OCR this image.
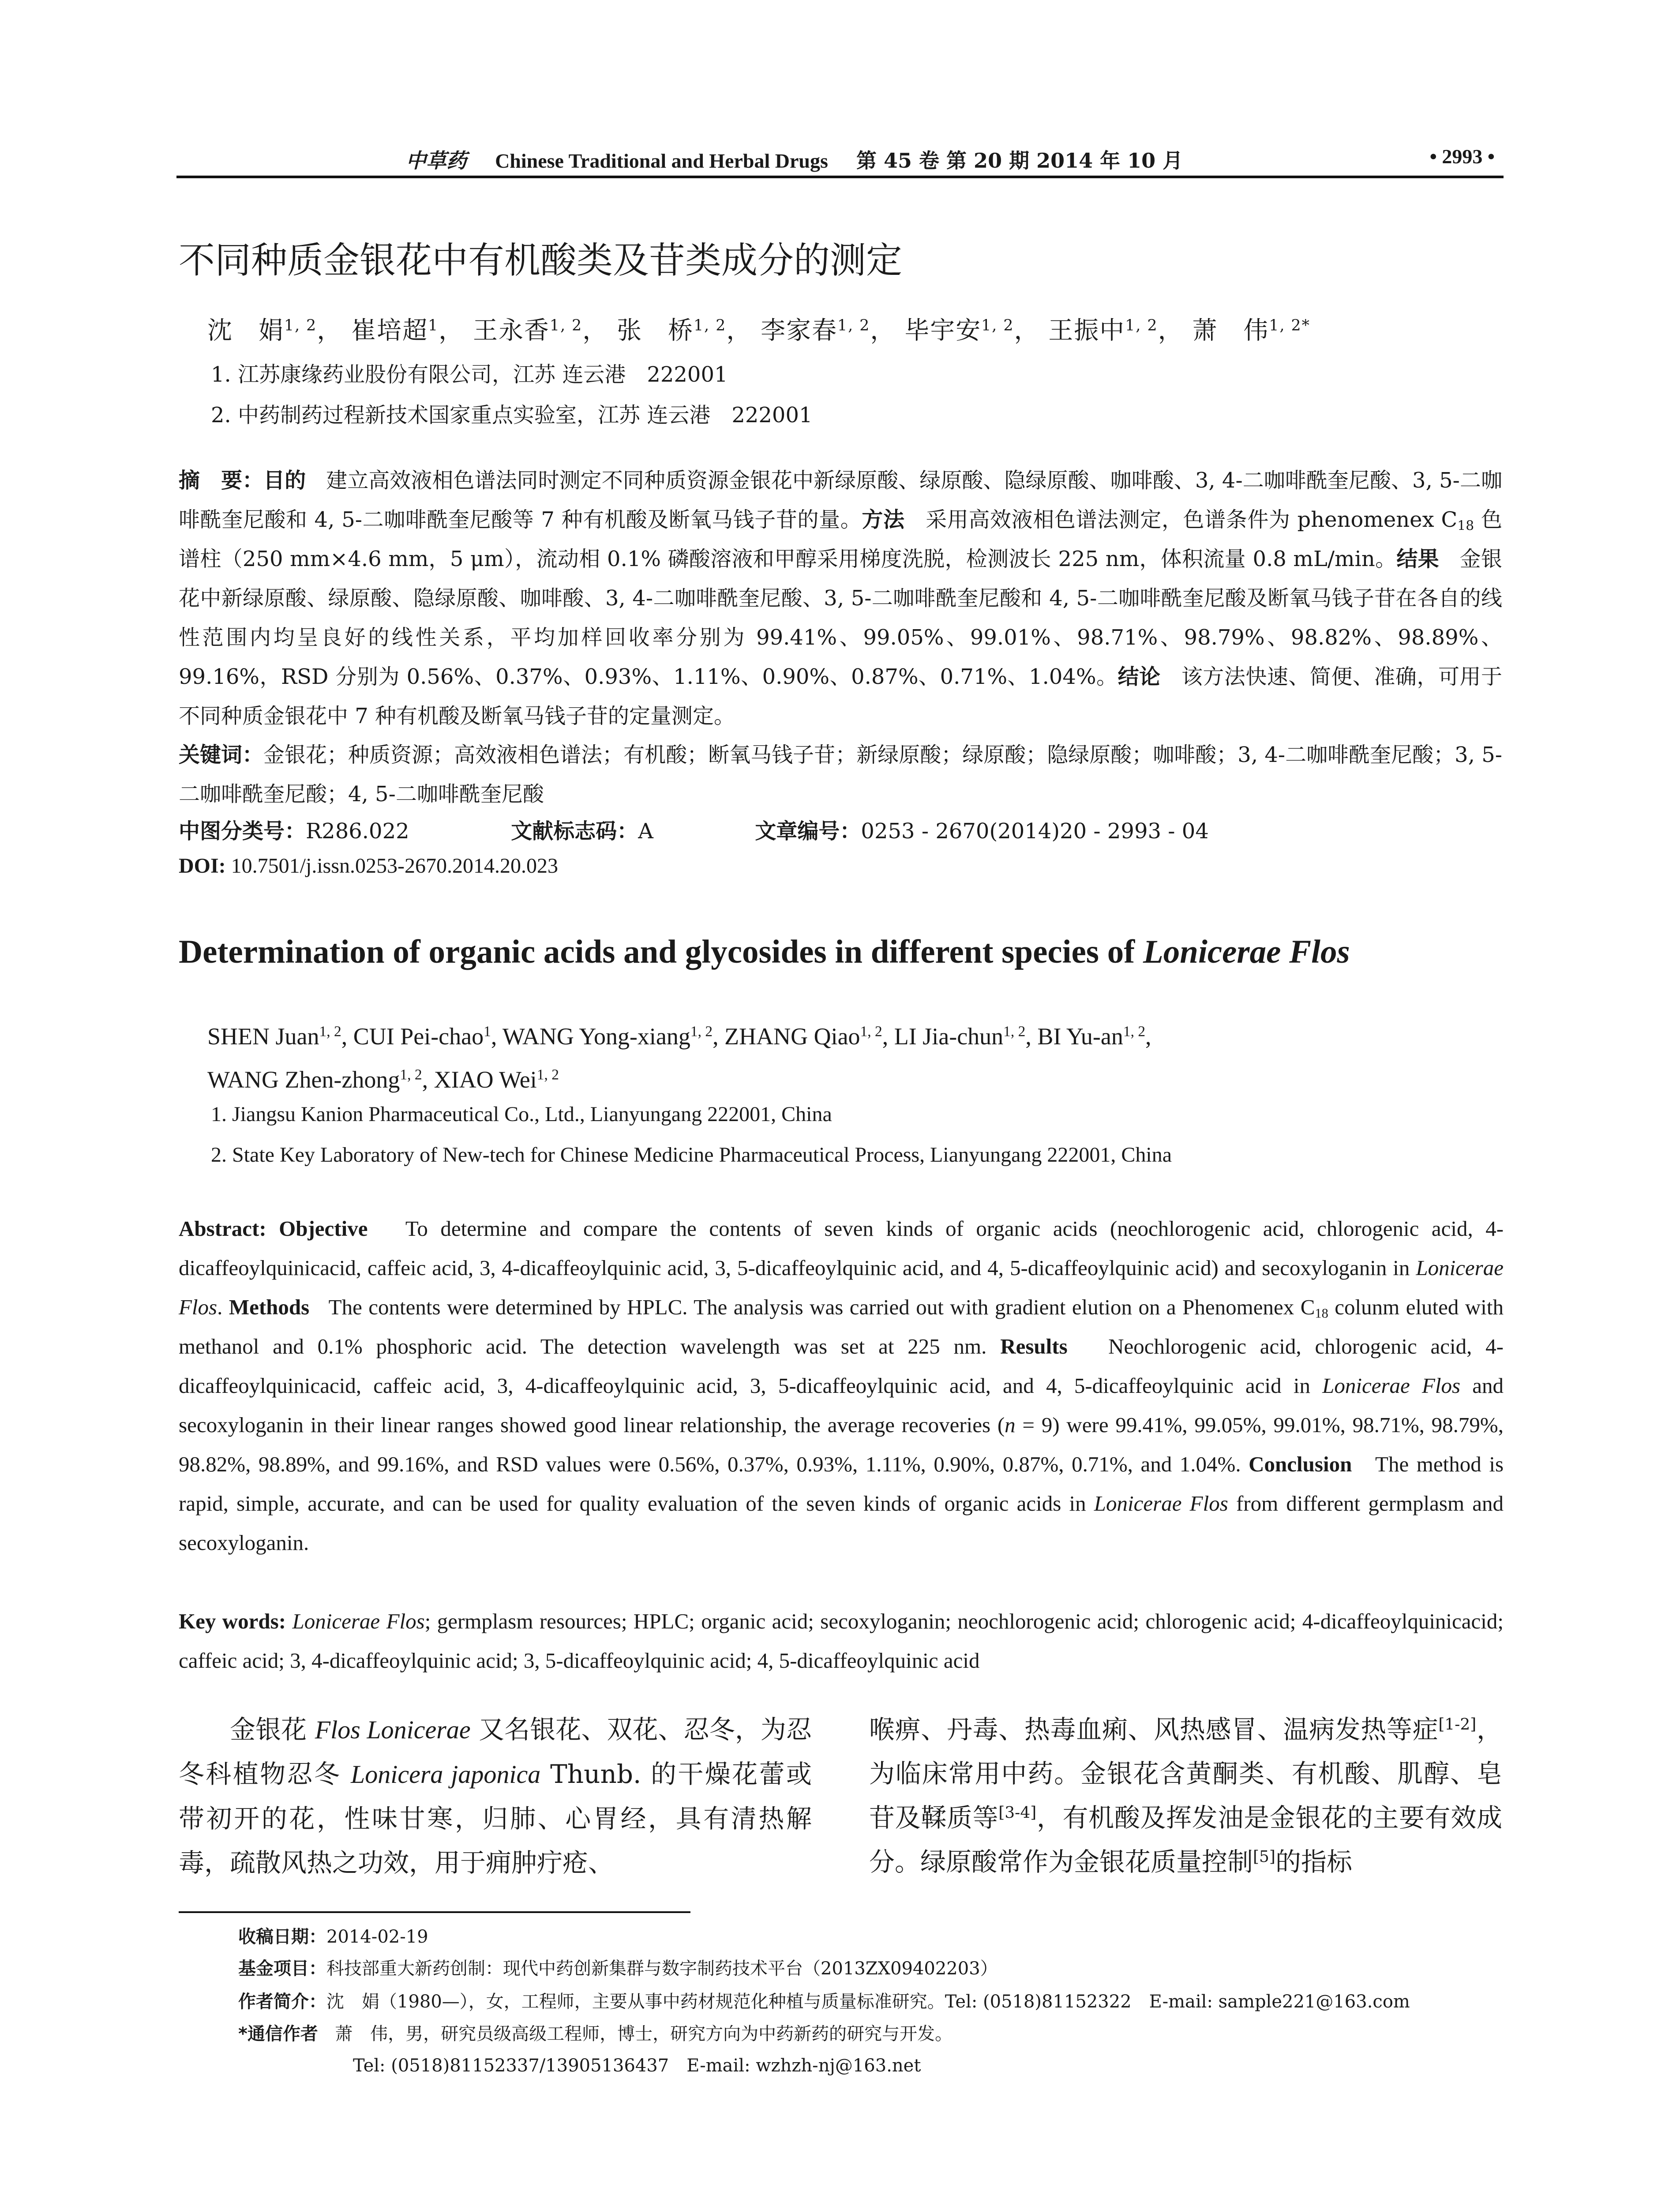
中草药 Chinese Traditional and Herbal Drugs 第 45 卷 第 20 期 2014 年 10 月	• 2993 •
不同种质金银花中有机酸类及苷类成分的测定
沈　娟$^{1, 2}$， 崔培超$^1$， 王永香$^{1, 2}$， 张　桥$^{1, 2}$， 李家春$^{1, 2}$， 毕宇安$^{1, 2}$， 王振中$^{1, 2}$， 萧　伟$^{1, 2*}$
1. 江苏康缘药业股份有限公司，江苏 连云港　222001
2. 中药制药过程新技术国家重点实验室，江苏 连云港　222001
摘　要：目的 建立高效液相色谱法同时测定不同种质资源金银花中新绿原酸、绿原酸、隐绿原酸、咖啡酸、3, 4-二咖啡酰奎尼酸、3, 5-二咖啡酰奎尼酸和 4, 5-二咖啡酰奎尼酸等 7 种有机酸及断氧马钱子苷的量。方法 采用高效液相色谱法测定，色谱条件为 phenomenex $C_{18}$ 色谱柱（250 mm×4.6 mm，5 μm），流动相 0.1% 磷酸溶液和甲醇采用梯度洗脱，检测波长 225 nm，体积流量 0.8 mL/min。结果 金银花中新绿原酸、绿原酸、隐绿原酸、咖啡酸、3, 4-二咖啡酰奎尼酸、3, 5-二咖啡酰奎尼酸和 4, 5-二咖啡酰奎尼酸及断氧马钱子苷在各自的线性范围内均呈良好的线性关系，平均加样回收率分别为 99.41%、99.05%、99.01%、98.71%、98.79%、98.82%、98.89%、99.16%，RSD 分别为 0.56%、0.37%、0.93%、1.11%、0.90%、0.87%、0.71%、1.04%。结论 该方法快速、简便、准确，可用于不同种质金银花中 7 种有机酸及断氧马钱子苷的定量测定。
关键词：金银花；种质资源；高效液相色谱法；有机酸；断氧马钱子苷；新绿原酸；绿原酸；隐绿原酸；咖啡酸；3, 4-二咖啡酰奎尼酸；3, 5-二咖啡酰奎尼酸；4, 5-二咖啡酰奎尼酸
中图分类号：R286.022	文献标志码：A	文章编号：0253 - 2670(2014)20 - 2993 - 04
DOI: 10.7501/j.issn.0253-2670.2014.20.023
Determination of organic acids and glycosides in different species of Lonicerae Flos
SHEN Juan$^{1, 2}$, CUI Pei-chao$^1$, WANG Yong-xiang$^{1, 2}$, ZHANG Qiao$^{1, 2}$, LI Jia-chun$^{1, 2}$, BI Yu-an$^{1, 2}$,
WANG Zhen-zhong$^{1, 2}$, XIAO Wei$^{1, 2}$
1. Jiangsu Kanion Pharmaceutical Co., Ltd., Lianyungang 222001, China
2. State Key Laboratory of New-tech for Chinese Medicine Pharmaceutical Process, Lianyungang 222001, China
Abstract: Objective To determine and compare the contents of seven kinds of organic acids (neochlorogenic acid, chlorogenic acid, 4-dicaffeoylquinicacid, caffeic acid, 3, 4-dicaffeoylquinic acid, 3, 5-dicaffeoylquinic acid, and 4, 5-dicaffeoylquinic acid) and secoxyloganin in Lonicerae Flos. Methods The contents were determined by HPLC. The analysis was carried out with gradient elution on a Phenomenex $C_{18}$ colunm eluted with methanol and 0.1% phosphoric acid. The detection wavelength was set at 225 nm. Results Neochlorogenic acid, chlorogenic acid, 4-dicaffeoylquinicacid, caffeic acid, 3, 4-dicaffeoylquinic acid, 3, 5-dicaffeoylquinic acid, and 4, 5-dicaffeoylquinic acid in Lonicerae Flos and secoxyloganin in their linear ranges showed good linear relationship, the average recoveries (n = 9) were 99.41%, 99.05%, 99.01%, 98.71%, 98.79%, 98.82%, 98.89%, and 99.16%, and RSD values were 0.56%, 0.37%, 0.93%, 1.11%, 0.90%, 0.87%, 0.71%, and 1.04%. Conclusion The method is rapid, simple, accurate, and can be used for quality evaluation of the seven kinds of organic acids in Lonicerae Flos from different germplasm and secoxyloganin.
Key words: Lonicerae Flos; germplasm resources; HPLC; organic acid; secoxyloganin; neochlorogenic acid; chlorogenic acid; 4-dicaffeoylquinicacid; caffeic acid; 3, 4-dicaffeoylquinic acid; 3, 5-dicaffeoylquinic acid; 4, 5-dicaffeoylquinic acid
金银花 Flos Lonicerae 又名银花、双花、忍冬，为忍冬科植物忍冬 Lonicera japonica Thunb. 的干燥花蕾或带初开的花，性味甘寒，归肺、心胃经，具有清热解毒，疏散风热之功效，用于痈肿疔疮、
喉痹、丹毒、热毒血痢、风热感冒、温病发热等症[1-2]，为临床常用中药。金银花含黄酮类、有机酸、肌醇、皂苷及鞣质等[3-4]，有机酸及挥发油是金银花的主要有效成分。绿原酸常作为金银花质量控制[5]的指标
收稿日期：2014-02-19
基金项目：科技部重大新药创制：现代中药创新集群与数字制药技术平台（2013ZX09402203）
作者简介：沈　娟（1980—），女，工程师，主要从事中药材规范化种植与质量标准研究。Tel: (0518)81152322　E-mail: sample221@163.com
*通信作者 萧　伟，男，研究员级高级工程师，博士，研究方向为中药新药的研究与开发。
Tel: (0518)81152337/13905136437　E-mail: wzhzh-nj@163.net
